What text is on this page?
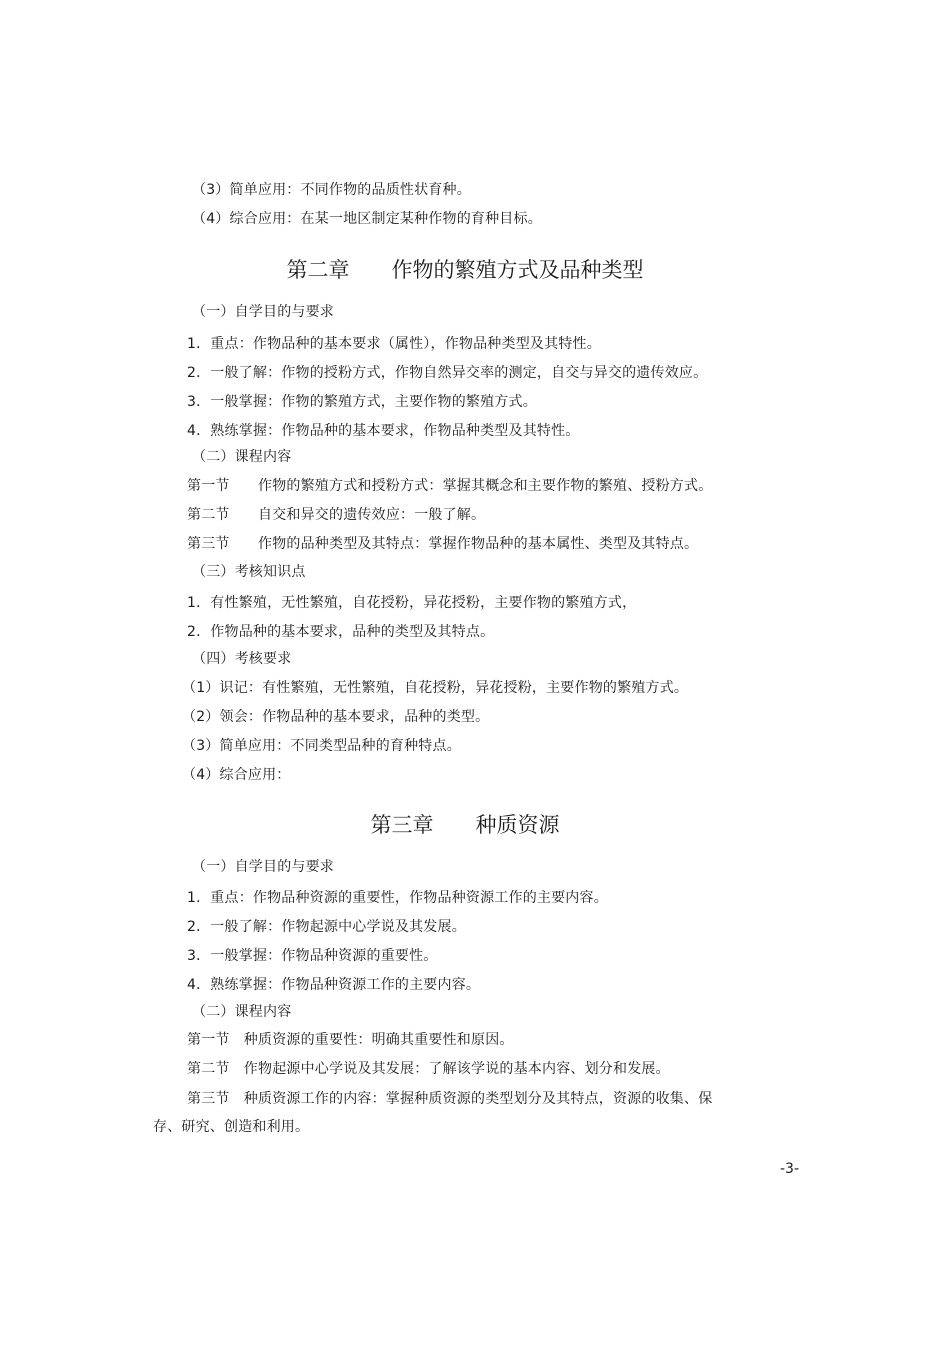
（3）简单应用：不同作物的品质性状育种。
（4）综合应用：在某一地区制定某种作物的育种目标。
第二章　　作物的繁殖方式及品种类型
（一）自学目的与要求
1．重点：作物品种的基本要求（属性），作物品种类型及其特性。
2．一般了解：作物的授粉方式，作物自然异交率的测定，自交与异交的遗传效应。
3．一般掌握：作物的繁殖方式，主要作物的繁殖方式。
4．熟练掌握：作物品种的基本要求，作物品种类型及其特性。
（二）课程内容
第一节　　作物的繁殖方式和授粉方式：掌握其概念和主要作物的繁殖、授粉方式。
第二节　　自交和异交的遗传效应：一般了解。
第三节　　作物的品种类型及其特点：掌握作物品种的基本属性、类型及其特点。
（三）考核知识点
1．有性繁殖，无性繁殖，自花授粉，异花授粉，主要作物的繁殖方式，
2．作物品种的基本要求，品种的类型及其特点。
（四）考核要求
（1）识记：有性繁殖，无性繁殖，自花授粉，异花授粉，主要作物的繁殖方式。
（2）领会：作物品种的基本要求，品种的类型。
（3）简单应用：不同类型品种的育种特点。
（4）综合应用：
第三章　　种质资源
（一）自学目的与要求
1．重点：作物品种资源的重要性，作物品种资源工作的主要内容。
2．一般了解：作物起源中心学说及其发展。
3．一般掌握：作物品种资源的重要性。
4．熟练掌握：作物品种资源工作的主要内容。
（二）课程内容
第一节　种质资源的重要性：明确其重要性和原因。
第二节　作物起源中心学说及其发展：了解该学说的基本内容、划分和发展。
第三节　种质资源工作的内容：掌握种质资源的类型划分及其特点，资源的收集、保
存、研究、创造和利用。
-3-
